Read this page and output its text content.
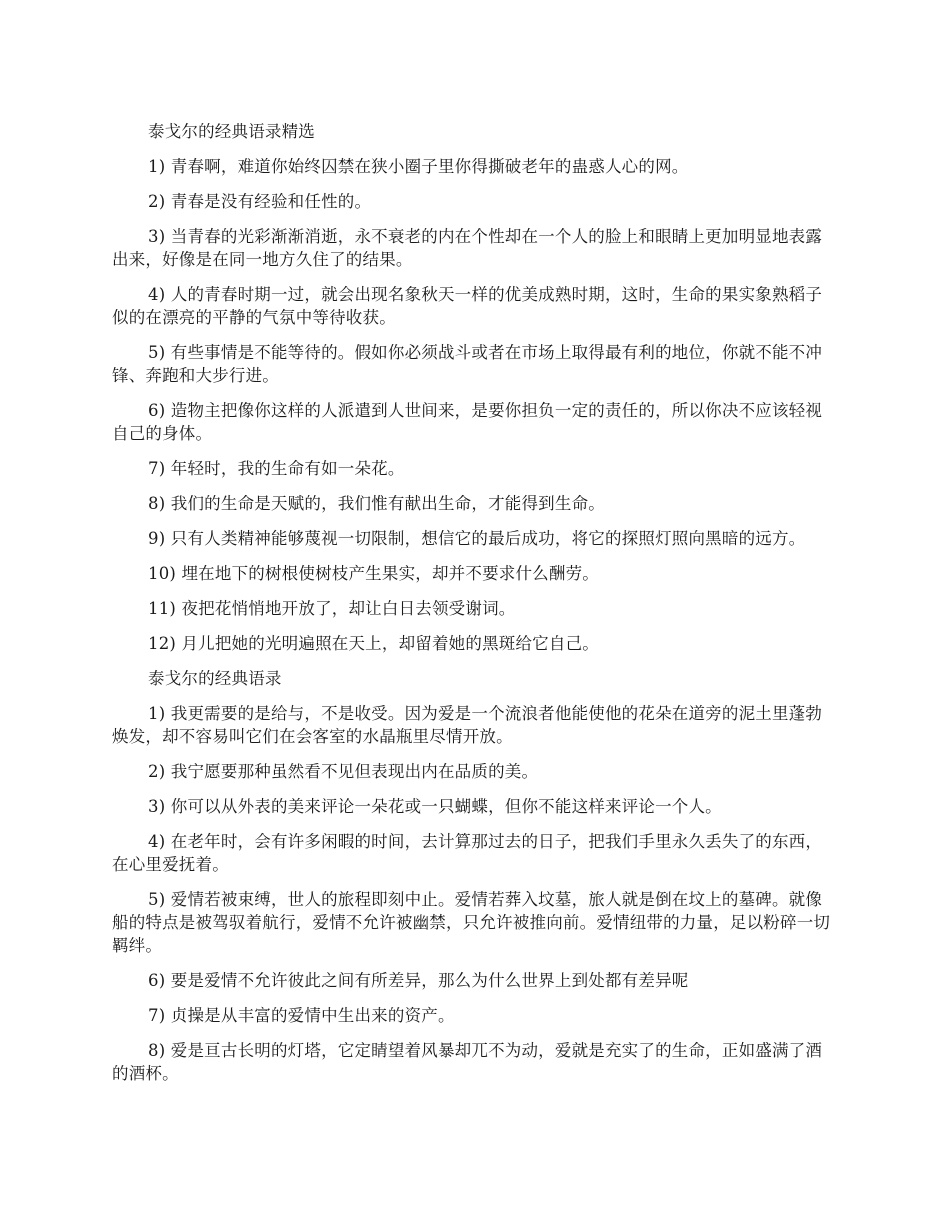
泰戈尔的经典语录精选

1) 青春啊，难道你始终囚禁在狭小圈子里你得撕破老年的蛊惑人心的网。

2) 青春是没有经验和任性的。

3) 当青春的光彩渐渐消逝，永不衰老的内在个性却在一个人的脸上和眼睛上更加明显地表露出来，好像是在同一地方久住了的结果。

4) 人的青春时期一过，就会出现名象秋天一样的优美成熟时期，这时，生命的果实象熟稻子似的在漂亮的平静的气氛中等待收获。

5) 有些事情是不能等待的。假如你必须战斗或者在市场上取得最有利的地位，你就不能不冲锋、奔跑和大步行进。

6) 造物主把像你这样的人派遣到人世间来，是要你担负一定的责任的，所以你决不应该轻视自己的身体。

7) 年轻时，我的生命有如一朵花。

8) 我们的生命是天赋的，我们惟有献出生命，才能得到生命。

9) 只有人类精神能够蔑视一切限制，想信它的最后成功，将它的探照灯照向黑暗的远方。

10) 埋在地下的树根使树枝产生果实，却并不要求什么酬劳。

11) 夜把花悄悄地开放了，却让白日去领受谢词。

12) 月儿把她的光明遍照在天上，却留着她的黑斑给它自己。

泰戈尔的经典语录

1) 我更需要的是给与，不是收受。因为爱是一个流浪者他能使他的花朵在道旁的泥土里蓬勃焕发，却不容易叫它们在会客室的水晶瓶里尽情开放。

2) 我宁愿要那种虽然看不见但表现出内在品质的美。

3) 你可以从外表的美来评论一朵花或一只蝴蝶，但你不能这样来评论一个人。

4) 在老年时，会有许多闲暇的时间，去计算那过去的日子，把我们手里永久丢失了的东西，在心里爱抚着。

5) 爱情若被束缚，世人的旅程即刻中止。爱情若葬入坟墓，旅人就是倒在坟上的墓碑。就像船的特点是被驾驭着航行，爱情不允许被幽禁，只允许被推向前。爱情纽带的力量，足以粉碎一切羁绊。

6) 要是爱情不允许彼此之间有所差异，那么为什么世界上到处都有差异呢

7) 贞操是从丰富的爱情中生出来的资产。

8) 爱是亘古长明的灯塔，它定睛望着风暴却兀不为动，爱就是充实了的生命，正如盛满了酒的酒杯。
